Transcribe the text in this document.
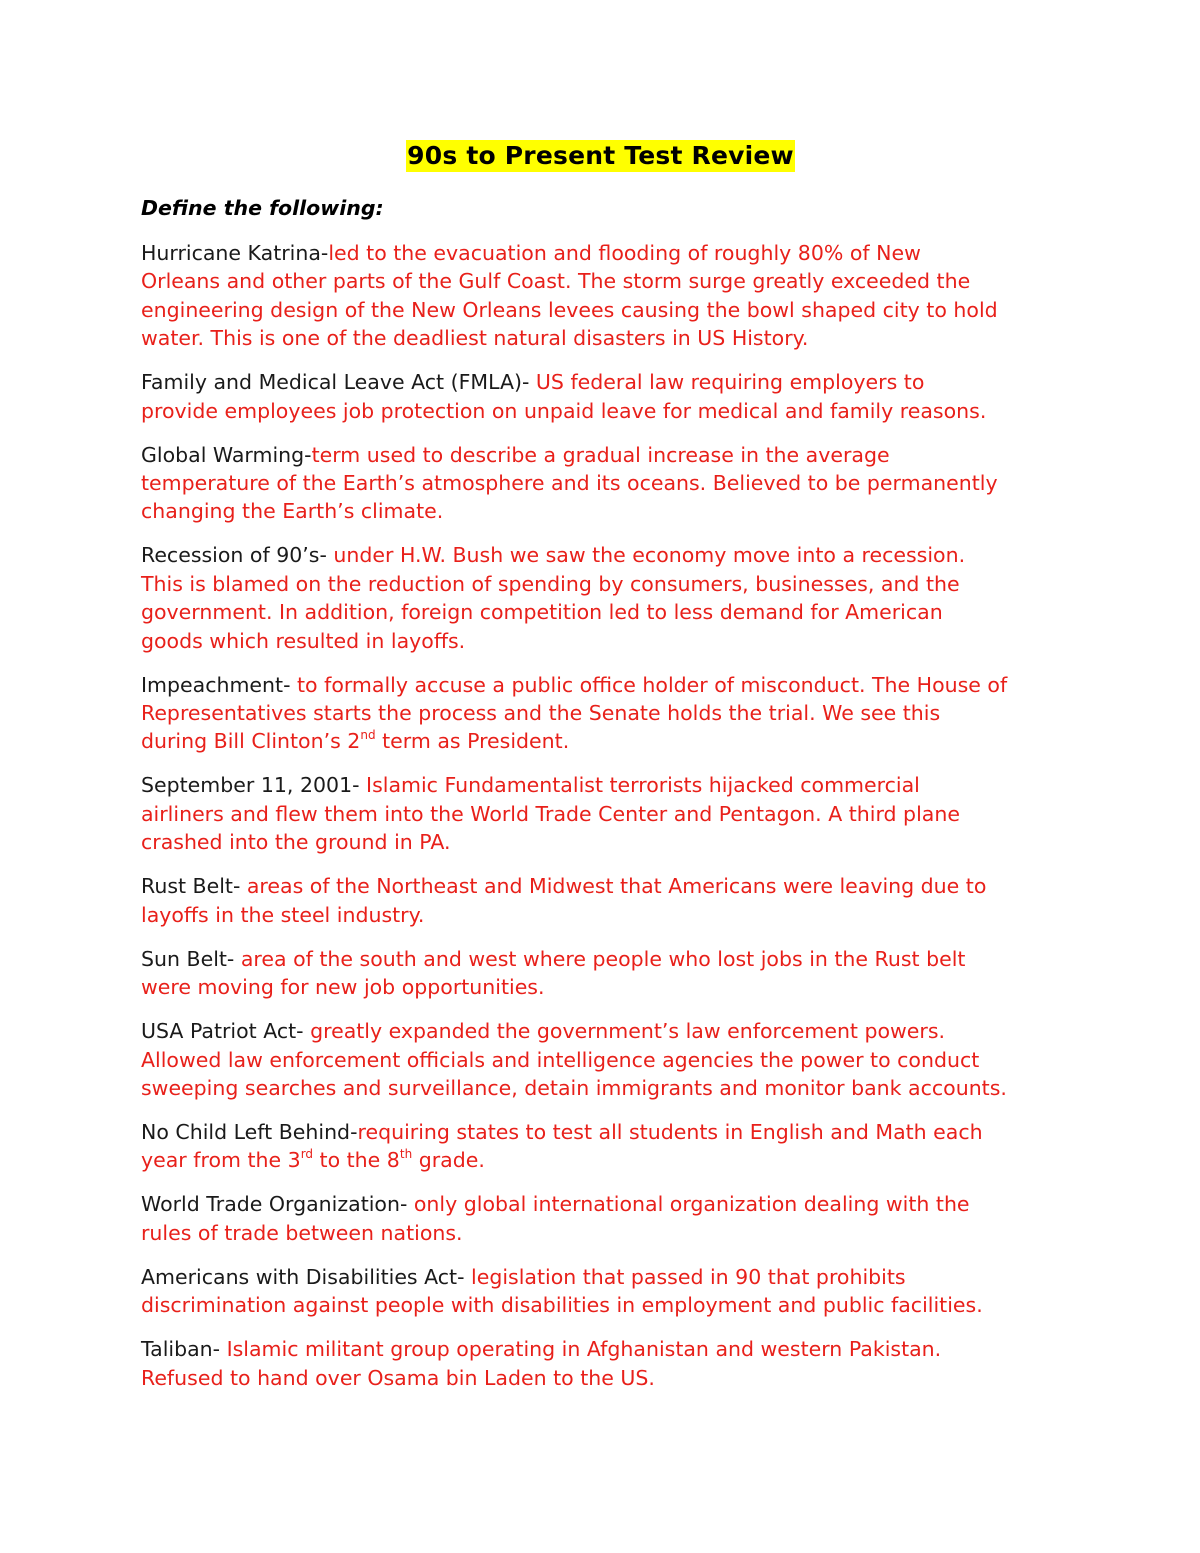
90s to Present Test Review
Define the following:
Hurricane Katrina-led to the evacuation and flooding of roughly 80% of New
Orleans and other parts of the Gulf Coast. The storm surge greatly exceeded the
engineering design of the New Orleans levees causing the bowl shaped city to hold
water. This is one of the deadliest natural disasters in US History.
Family and Medical Leave Act (FMLA)- US federal law requiring employers to
provide employees job protection on unpaid leave for medical and family reasons.
Global Warming-term used to describe a gradual increase in the average
temperature of the Earth’s atmosphere and its oceans. Believed to be permanently
changing the Earth’s climate.
Recession of 90’s- under H.W. Bush we saw the economy move into a recession.
This is blamed on the reduction of spending by consumers, businesses, and the
government. In addition, foreign competition led to less demand for American
goods which resulted in layoffs.
Impeachment- to formally accuse a public office holder of misconduct. The House of
Representatives starts the process and the Senate holds the trial. We see this
during Bill Clinton’s 2nd term as President.
September 11, 2001- Islamic Fundamentalist terrorists hijacked commercial
airliners and flew them into the World Trade Center and Pentagon. A third plane
crashed into the ground in PA.
Rust Belt- areas of the Northeast and Midwest that Americans were leaving due to
layoffs in the steel industry.
Sun Belt- area of the south and west where people who lost jobs in the Rust belt
were moving for new job opportunities.
USA Patriot Act- greatly expanded the government’s law enforcement powers.
Allowed law enforcement officials and intelligence agencies the power to conduct
sweeping searches and surveillance, detain immigrants and monitor bank accounts.
No Child Left Behind-requiring states to test all students in English and Math each
year from the 3rd to the 8th grade.
World Trade Organization- only global international organization dealing with the
rules of trade between nations.
Americans with Disabilities Act- legislation that passed in 90 that prohibits
discrimination against people with disabilities in employment and public facilities.
Taliban- Islamic militant group operating in Afghanistan and western Pakistan.
Refused to hand over Osama bin Laden to the US.
